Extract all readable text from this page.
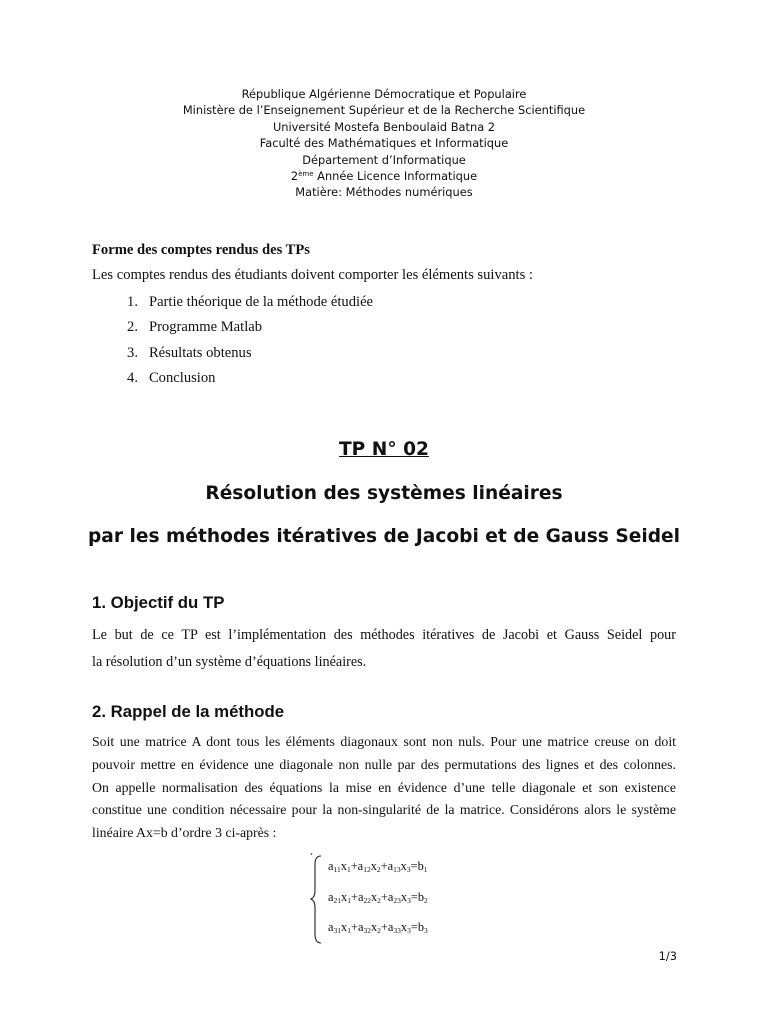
République Algérienne Démocratique et Populaire
Ministère de l’Enseignement Supérieur et de la Recherche Scientifique
Université Mostefa Benboulaid Batna 2
Faculté des Mathématiques et Informatique
Département d’Informatique
2ème Année Licence Informatique
Matière: Méthodes numériques
Forme des comptes rendus des TPs
Les comptes rendus des étudiants doivent comporter les éléments suivants :
1. Partie théorique de la méthode étudiée
2. Programme Matlab
3. Résultats obtenus
4. Conclusion
TP N° 02
Résolution des systèmes linéaires
par les méthodes itératives de Jacobi et de Gauss Seidel
1. Objectif du TP
Le but de ce TP est l’implémentation des méthodes itératives de Jacobi et Gauss Seidel pour
la résolution d’un système d’équations linéaires.
2. Rappel de la méthode
Soit une matrice A dont tous les éléments diagonaux sont non nuls. Pour une matrice creuse on doit
pouvoir mettre en évidence une diagonale non nulle par des permutations des lignes et des colonnes.
On appelle normalisation des équations la mise en évidence d’une telle diagonale et son existence
constitue une condition nécessaire pour la non-singularité de la matrice. Considérons alors le système
linéaire Ax=b d’ordre 3 ci-après :
$a_{11}x_1+a_{12}x_2+a_{13}x_3=b_1$
$a_{21}x_1+a_{22}x_2+a_{23}x_3=b_2$
$a_{31}x_1+a_{32}x_2+a_{33}x_3=b_3$
1/3
